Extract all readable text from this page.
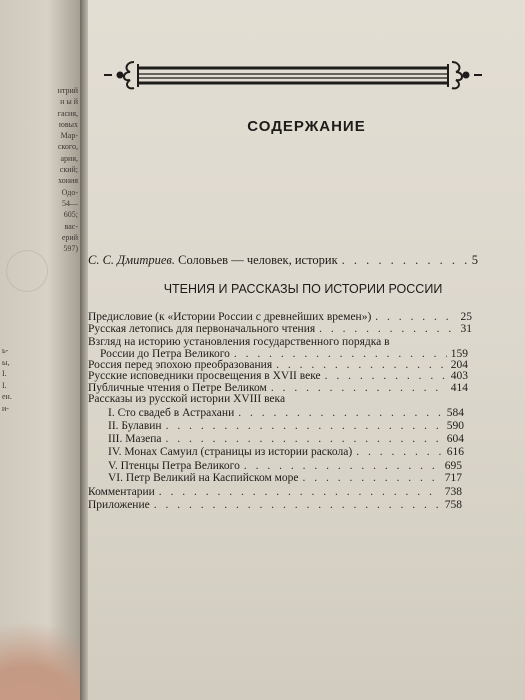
нтрий
н ы й
гасия,
ювых
Мар-
ского,
ария,
ский;
хония
Одо-
54—
605;
вас-
ерий
597)
ь-
ы,
I.
I.
ен.
и-
СОДЕРЖАНИЕ
С. С. Дмитриев. Соловьев — человек, историк . . .	5
ЧТЕНИЯ И РАССКАЗЫ ПО ИСТОРИИ РОССИИ
Предисловие (к «Истории России с древнейших времен») . . .	25
Русская летопись для первоначального чтения . . .	31
Взгляд на историю установления государственного порядка в
России до Петра Великого . . .	159
Россия перед эпохою преобразования . . .	204
Русские исповедники просвещения в XVII веке . . .	403
Публичные чтения о Петре Великом . . .	414
Рассказы из русской истории XVIII века
I. Сто свадеб в Астрахани . . .	584
II. Булавин . . .	590
III. Мазепа . . .	604
IV. Монах Самуил (страницы из истории раскола) . . .	616
V. Птенцы Петра Великого . . .	695
VI. Петр Великий на Каспийском море . . .	717
Комментарии . . .	738
Приложение . . .	758
